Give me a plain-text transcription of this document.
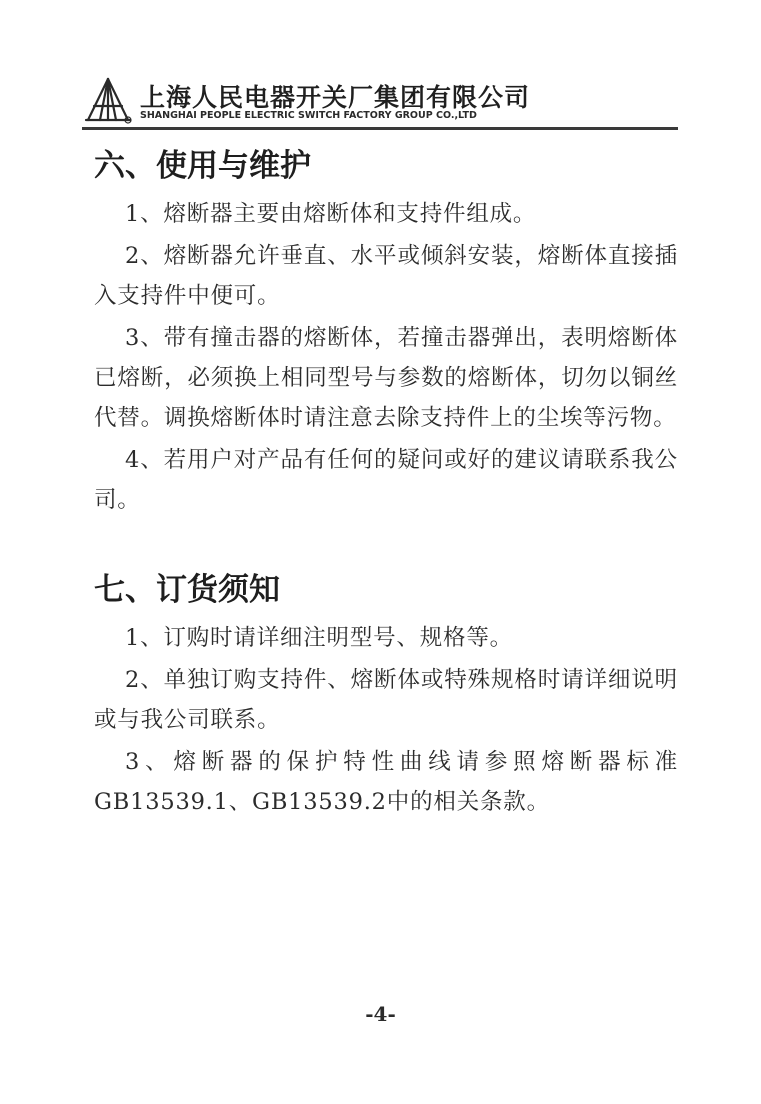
上海人民电器开关厂集团有限公司
SHANGHAI PEOPLE ELECTRIC SWITCH FACTORY GROUP CO.,LTD
六、使用与维护

1、熔断器主要由熔断体和支持件组成。

2、熔断器允许垂直、水平或倾斜安装，熔断体直接插入支持件中便可。

3、带有撞击器的熔断体，若撞击器弹出，表明熔断体已熔断，必须换上相同型号与参数的熔断体，切勿以铜丝代替。调换熔断体时请注意去除支持件上的尘埃等污物。

4、若用户对产品有任何的疑问或好的建议请联系我公司。

七、订货须知

1、订购时请详细注明型号、规格等。

2、单独订购支持件、熔断体或特殊规格时请详细说明或与我公司联系。

3、熔断器的保护特性曲线请参照熔断器标准GB13539.1、GB13539.2中的相关条款。

-4-
